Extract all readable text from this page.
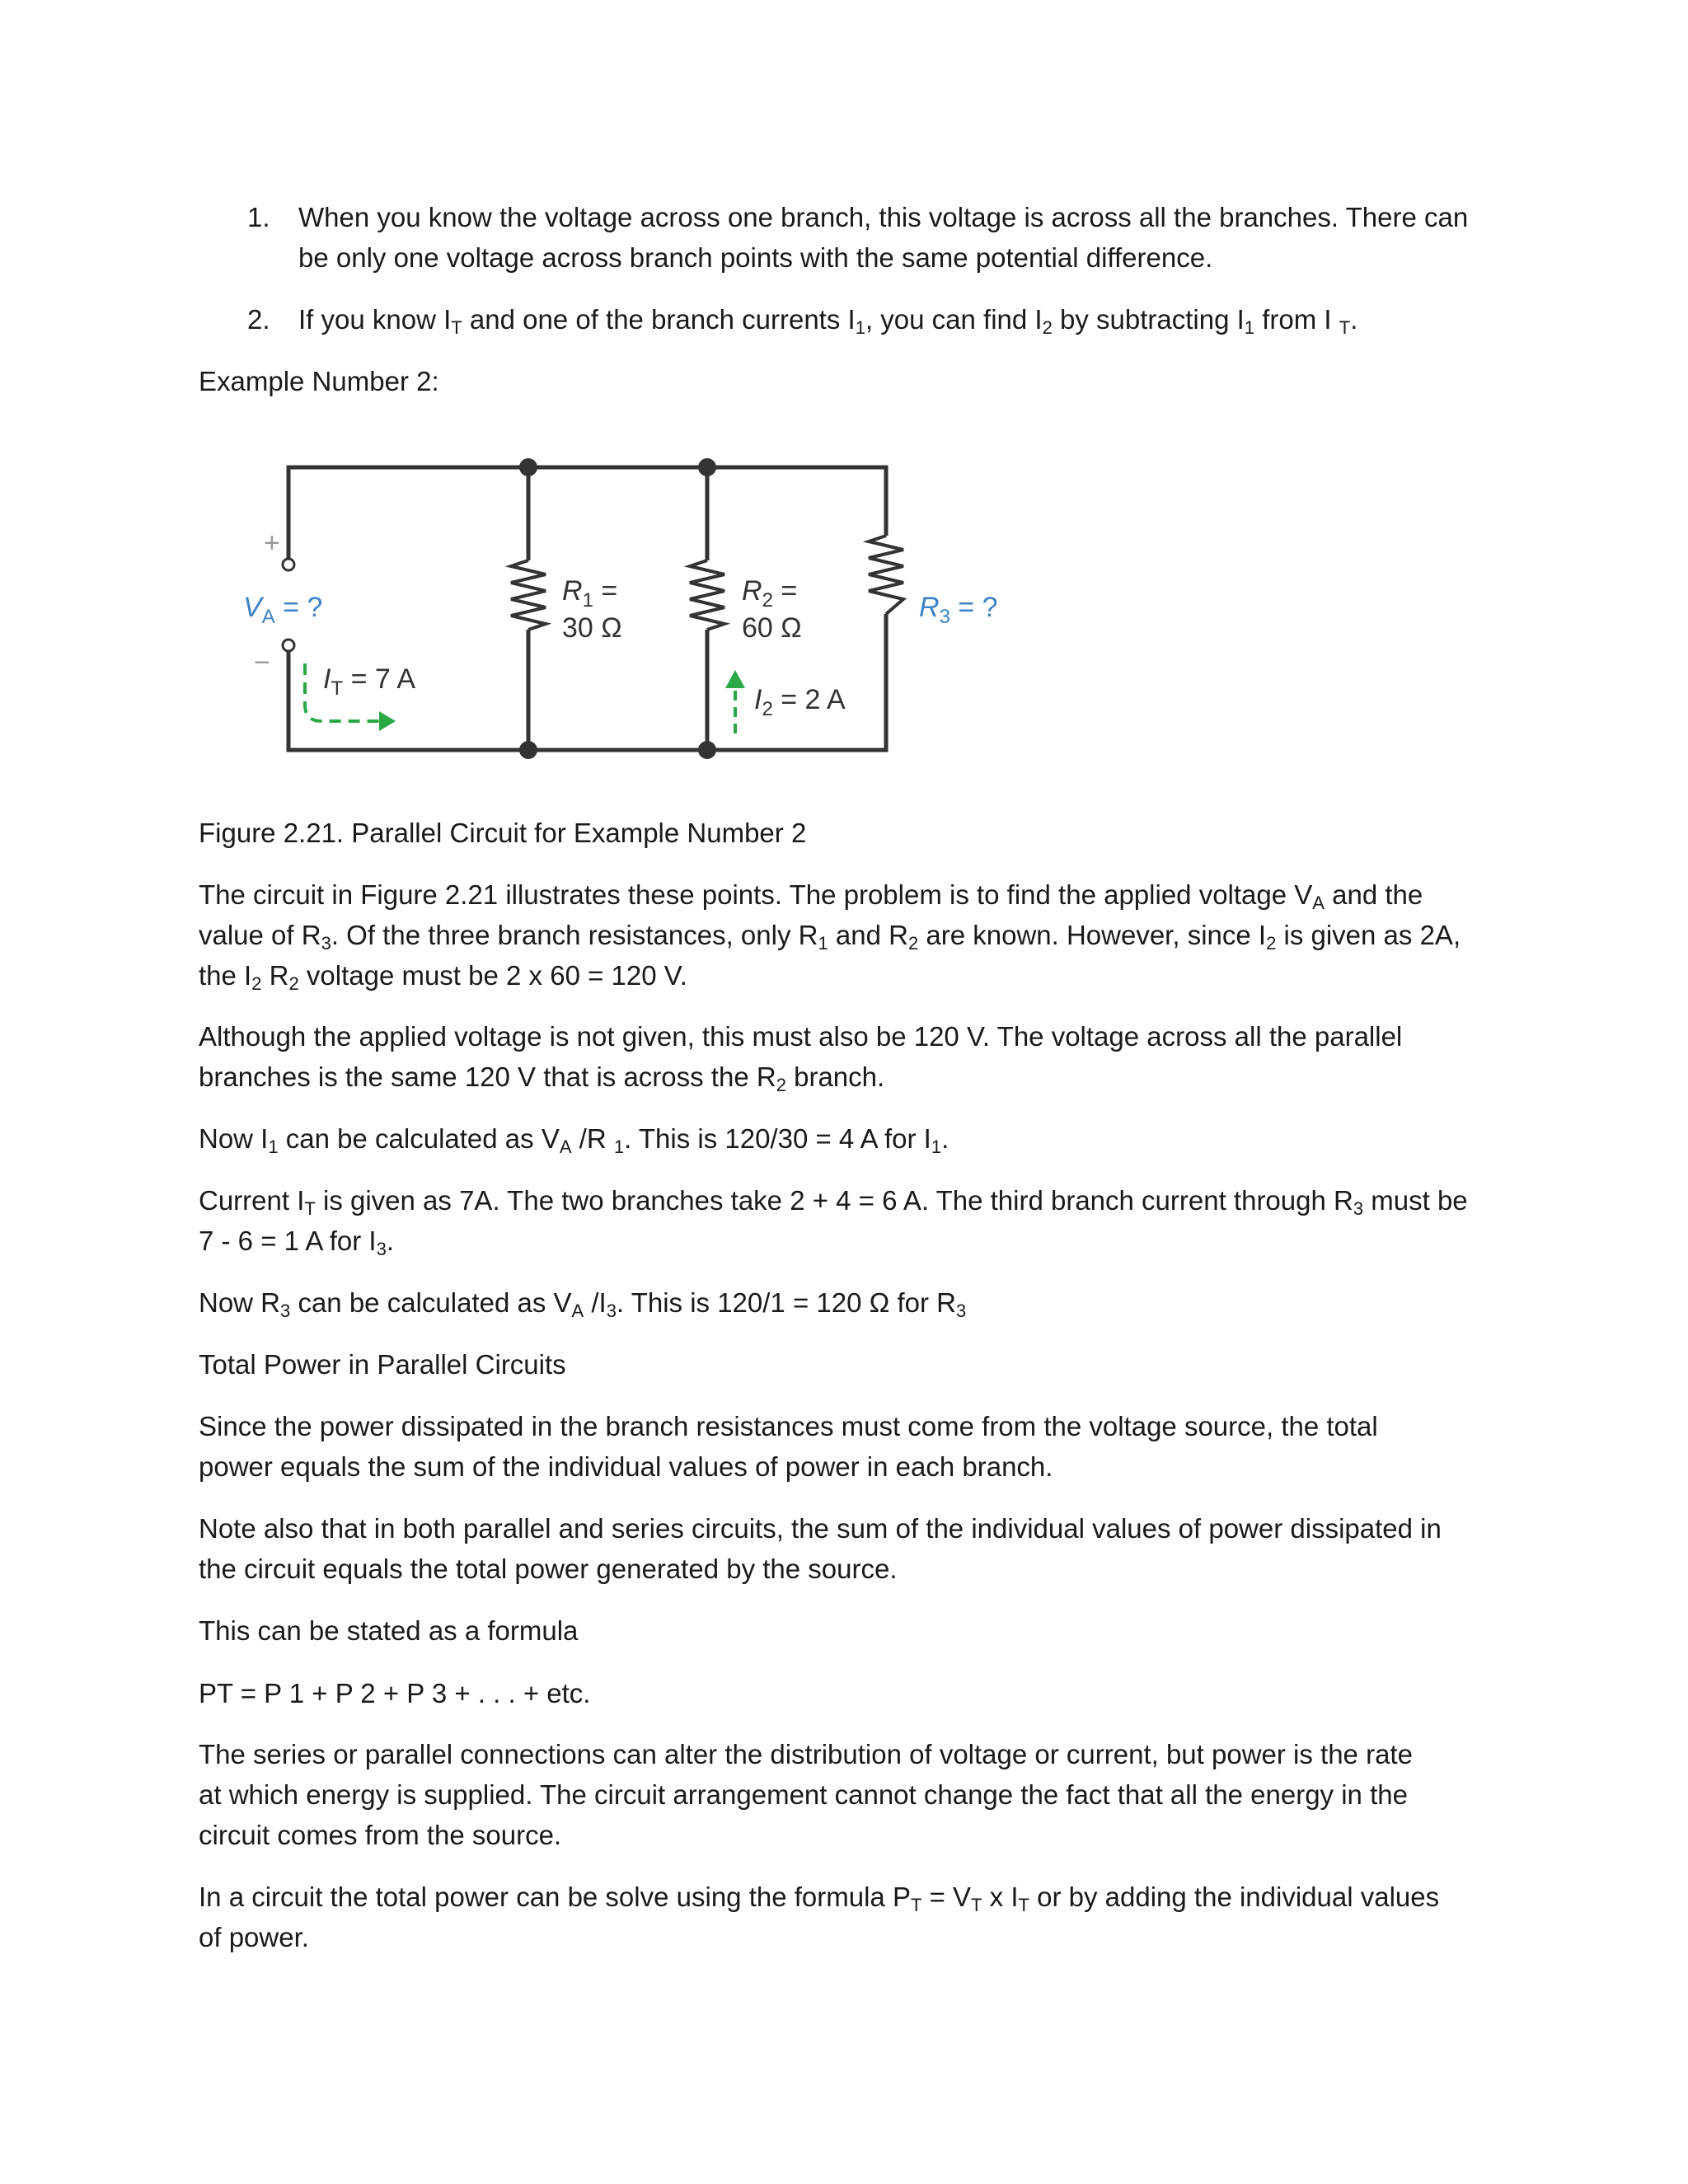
1.	When you know the voltage across one branch, this voltage is across all the branches. There can
be only one voltage across branch points with the same potential difference.
2.	If you know $I_T$ and one of the branch currents $I_1$, you can find $I_2$ by subtracting $I_1$ from I $_T$.
Example Number 2:
+
−
$V_A$ = ?
$I_T = 7$ A
$R_1$ =
30 Ω
$R_2$ =
60 Ω
$R_3$ = ?
$I_2 = 2$ A
Figure 2.21. Parallel Circuit for Example Number 2
The circuit in Figure 2.21 illustrates these points. The problem is to find the applied voltage $V_A$ and the
value of $R_3$. Of the three branch resistances, only $R_1$ and $R_2$ are known. However, since $I_2$ is given as 2A,
the $I_2$ $R_2$ voltage must be 2 x 60 = 120 V.
Although the applied voltage is not given, this must also be 120 V. The voltage across all the parallel
branches is the same 120 V that is across the $R_2$ branch.
Now $I_1$ can be calculated as $V_A$ /R $_1$. This is 120/30 = 4 A for $I_1$.
Current $I_T$ is given as 7A. The two branches take 2 + 4 = 6 A. The third branch current through $R_3$ must be
7 - 6 = 1 A for $I_3$.
Now $R_3$ can be calculated as $V_A$ $/I_3$. This is 120/1 = 120 Ω for $R_3$
Total Power in Parallel Circuits
Since the power dissipated in the branch resistances must come from the voltage source, the total
power equals the sum of the individual values of power in each branch.
Note also that in both parallel and series circuits, the sum of the individual values of power dissipated in
the circuit equals the total power generated by the source.
This can be stated as a formula
PT = P 1 + P 2 + P 3 + . . . + etc.
The series or parallel connections can alter the distribution of voltage or current, but power is the rate
at which energy is supplied. The circuit arrangement cannot change the fact that all the energy in the
circuit comes from the source.
In a circuit the total power can be solve using the formula $P_T = V_T$ x $I_T$ or by adding the individual values
of power.
